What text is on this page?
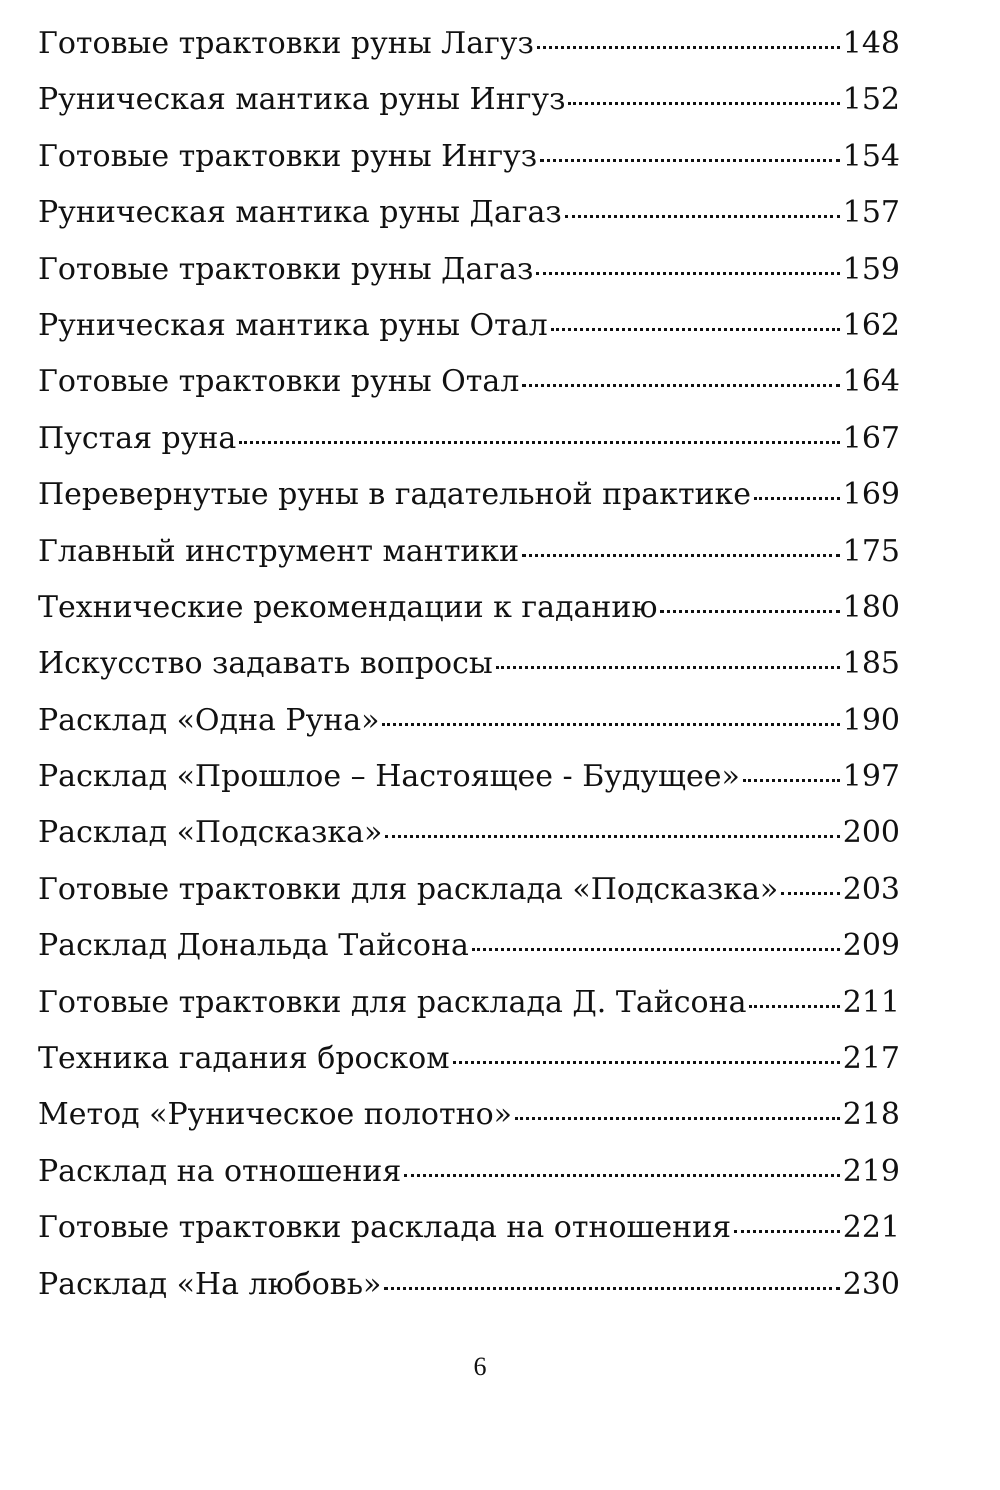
Готовые трактовки руны Лагуз	148
Руническая мантика руны Ингуз	152
Готовые трактовки руны Ингуз	154
Руническая мантика руны Дагаз	157
Готовые трактовки руны Дагаз	159
Руническая мантика руны Отал	162
Готовые трактовки руны Отал	164
Пустая руна	167
Перевернутые руны в гадательной практике	169
Главный инструмент мантики	175
Технические рекомендации к гаданию	180
Искусство задавать вопросы	185
Расклад «Одна Руна»	190
Расклад «Прошлое – Настоящее - Будущее»	197
Расклад «Подсказка»	200
Готовые трактовки для расклада «Подсказка» 203
Расклад Дональда Тайсона	209
Готовые трактовки для расклада Д. Тайсона	211
Техника гадания броском	217
Метод «Руническое полотно»	218
Расклад на отношения	219
Готовые трактовки расклада на отношения	221
Расклад «На любовь»	230
6
